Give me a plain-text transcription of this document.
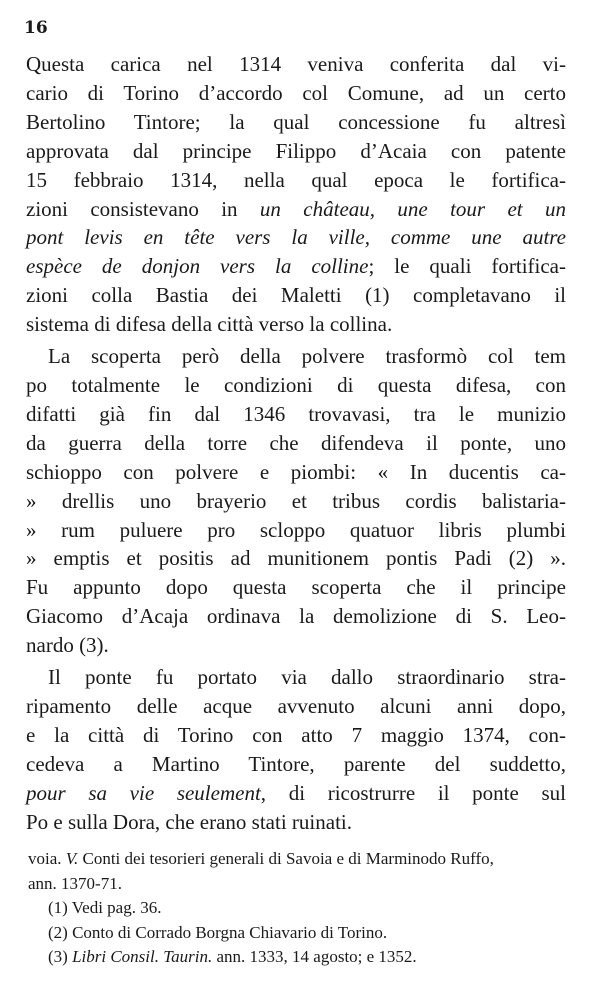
16

Questa carica nel 1314 veniva conferita dal vi-
cario di Torino d’accordo col Comune, ad un certo
Bertolino Tintore; la qual concessione fu altresì
approvata dal principe Filippo d’Acaia con patente
15 febbraio 1314, nella qual epoca le fortifica-
zioni consistevano in un château, une tour et un
pont levis en tête vers la ville, comme une autre
espèce de donjon vers la colline; le quali fortifica-
zioni colla Bastia dei Maletti (1) completavano il
sistema di difesa della città verso la collina.

La scoperta però della polvere trasformò col tem
po totalmente le condizioni di questa difesa, con
difatti già fin dal 1346 trovavasi, tra le munizio
da guerra della torre che difendeva il ponte, uno
schioppo con polvere e piombi: « In ducentis ca-
» drellis uno brayerio et tribus cordis balistaria-
» rum puluere pro scloppo quatuor libris plumbi
» emptis et positis ad munitionem pontis Padi (2) ».
Fu appunto dopo questa scoperta che il principe
Giacomo d’Acaja ordinava la demolizione di S. Leo-
nardo (3).

Il ponte fu portato via dallo straordinario stra-
ripamento delle acque avvenuto alcuni anni dopo,
e la città di Torino con atto 7 maggio 1374, con-
cedeva a Martino Tintore, parente del suddetto,
pour sa vie seulement, di ricostrurre il ponte sul
Po e sulla Dora, che erano stati ruinati.

voia. V. Conti dei tesorieri generali di Savoia e di Marminodo Ruffo,

ann. 1370-71.

(1) Vedi pag. 36.

(2) Conto di Corrado Borgna Chiavario di Torino.

(3) Libri Consil. Taurin. ann. 1333, 14 agosto; e 1352.
